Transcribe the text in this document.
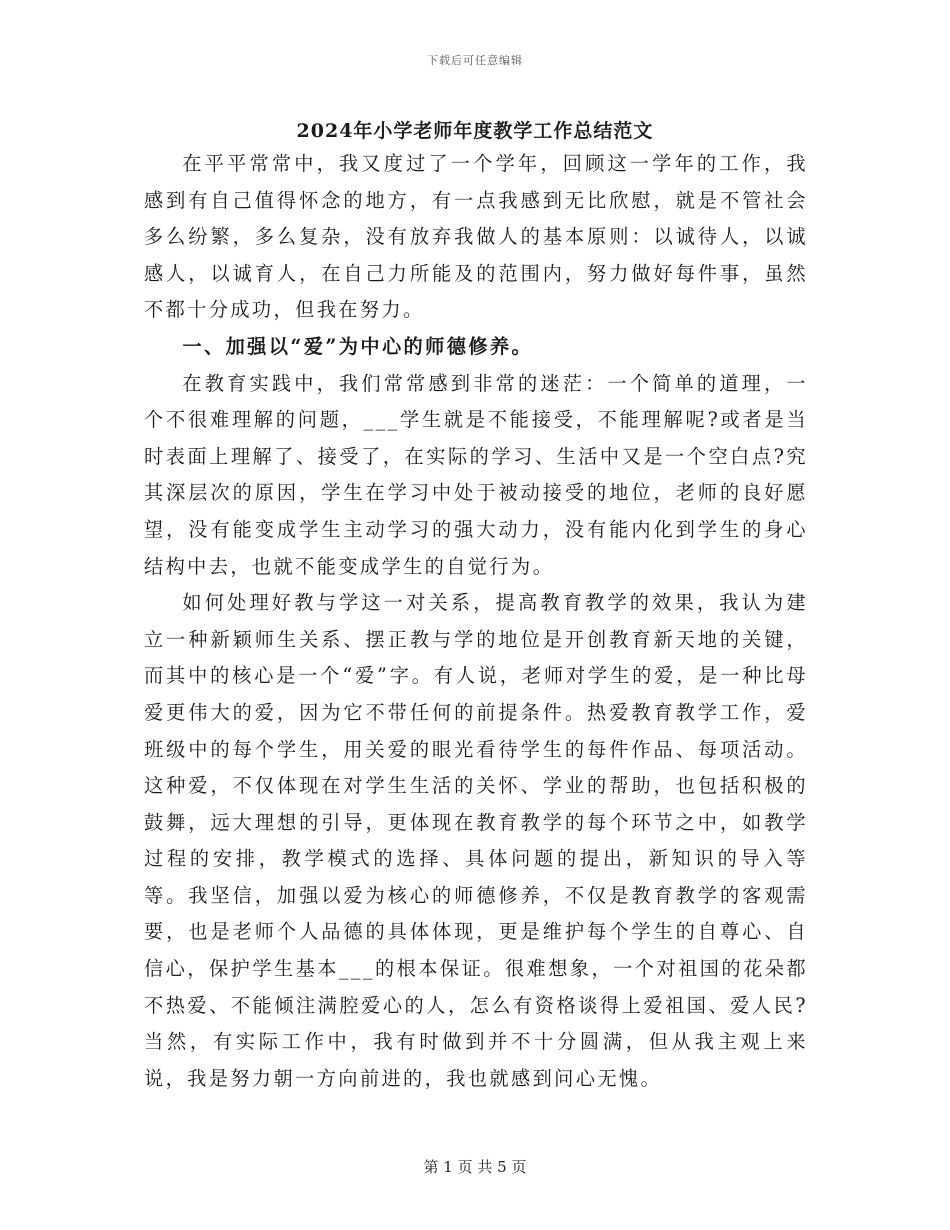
下载后可任意编辑
2024年小学老师年度教学工作总结范文

在平平常常中，我又度过了一个学年，回顾这一学年的工作，我感到有自己值得怀念的地方，有一点我感到无比欣慰，就是不管社会多么纷繁，多么复杂，没有放弃我做人的基本原则：以诚待人，以诚感人，以诚育人，在自己力所能及的范围内，努力做好每件事，虽然不都十分成功，但我在努力。

一、加强以“爱”为中心的师德修养。

在教育实践中，我们常常感到非常的迷茫：一个简单的道理，一个不很难理解的问题，___学生就是不能接受，不能理解呢?或者是当时表面上理解了、接受了，在实际的学习、生活中又是一个空白点?究其深层次的原因，学生在学习中处于被动接受的地位，老师的良好愿望，没有能变成学生主动学习的强大动力，没有能内化到学生的身心结构中去，也就不能变成学生的自觉行为。

如何处理好教与学这一对关系，提高教育教学的效果，我认为建立一种新颖师生关系、摆正教与学的地位是开创教育新天地的关键，而其中的核心是一个“爱”字。有人说，老师对学生的爱，是一种比母爱更伟大的爱，因为它不带任何的前提条件。热爱教育教学工作，爱班级中的每个学生，用关爱的眼光看待学生的每件作品、每项活动。这种爱，不仅体现在对学生生活的关怀、学业的帮助，也包括积极的鼓舞，远大理想的引导，更体现在教育教学的每个环节之中，如教学过程的安排，教学模式的选择、具体问题的提出，新知识的导入等等。我坚信，加强以爱为核心的师德修养，不仅是教育教学的客观需要，也是老师个人品德的具体体现，更是维护每个学生的自尊心、自信心，保护学生基本___的根本保证。很难想象，一个对祖国的花朵都不热爱、不能倾注满腔爱心的人，怎么有资格谈得上爱祖国、爱人民?当然，有实际工作中，我有时做到并不十分圆满，但从我主观上来说，我是努力朝一方向前进的，我也就感到问心无愧。

第 1 页 共 5 页
